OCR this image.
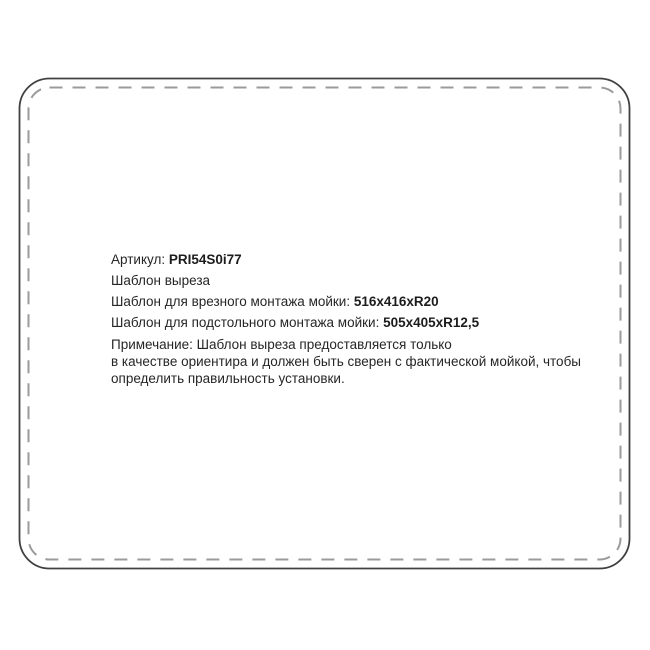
Артикул: PRI54S0i77
Шаблон выреза
Шаблон для врезного монтажа мойки: 516x416xR20
Шаблон для подстольного монтажа мойки: 505x405xR12,5
Примечание: Шаблон выреза предоставляется только
в качестве ориентира и должен быть сверен с фактической мойкой, чтобы
определить правильность установки.
